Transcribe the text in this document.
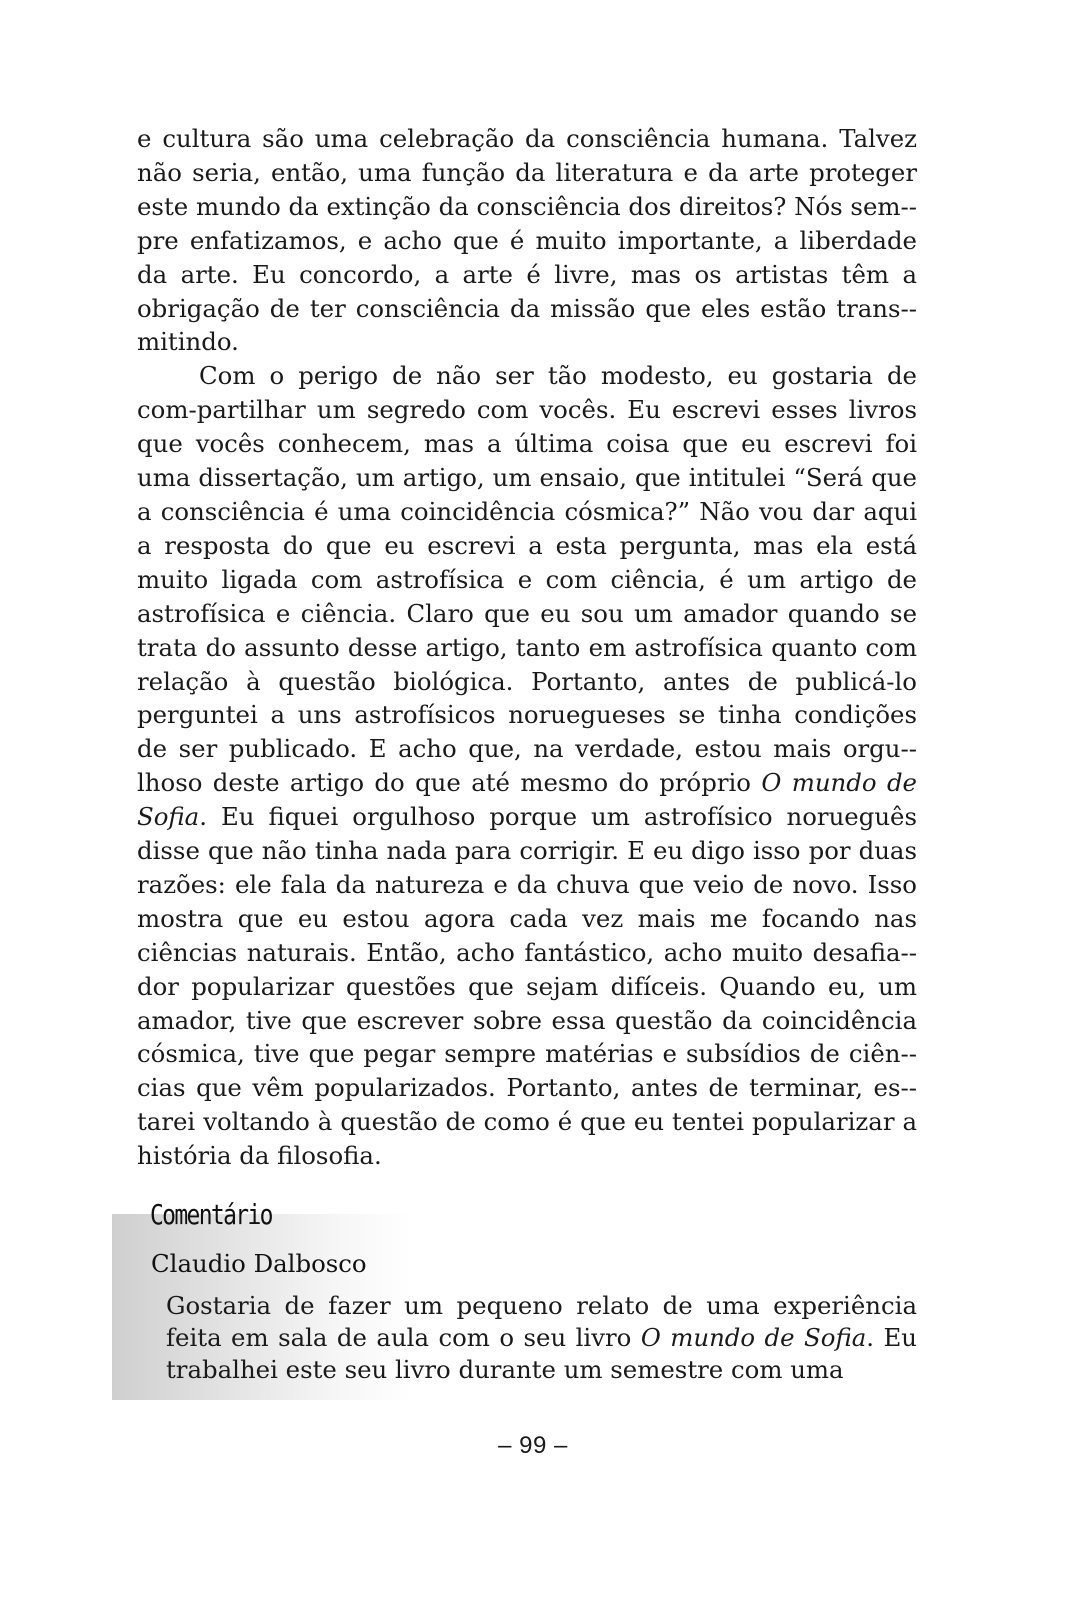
e cultura são uma celebração da consciência humana. Talvez não seria, então, uma função da literatura e da arte proteger este mundo da extinção da consciência dos direitos? Nós sem-pre enfatizamos, e acho que é muito importante, a liberdade da arte. Eu concordo, a arte é livre, mas os artistas têm a obrigação de ter consciência da missão que eles estão trans-mitindo.

Com o perigo de não ser tão modesto, eu gostaria de com-partilhar um segredo com vocês. Eu escrevi esses livros que vocês conhecem, mas a última coisa que eu escrevi foi uma dissertação, um artigo, um ensaio, que intitulei “Será que a consciência é uma coincidência cósmica?” Não vou dar aqui a resposta do que eu escrevi a esta pergunta, mas ela está muito ligada com astrofísica e com ciência, é um artigo de astrofísica e ciência. Claro que eu sou um amador quando se trata do assunto desse artigo, tanto em astrofísica quanto com relação à questão biológica. Portanto, antes de publicá-lo perguntei a uns astrofísicos noruegueses se tinha condições de ser publicado. E acho que, na verdade, estou mais orgu-lhoso deste artigo do que até mesmo do próprio O mundo de Sofia. Eu fiquei orgulhoso porque um astrofísico norueguês disse que não tinha nada para corrigir. E eu digo isso por duas razões: ele fala da natureza e da chuva que veio de novo. Isso mostra que eu estou agora cada vez mais me focando nas ciências naturais. Então, acho fantástico, acho muito desafia-dor popularizar questões que sejam difíceis. Quando eu, um amador, tive que escrever sobre essa questão da coincidência cósmica, tive que pegar sempre matérias e subsídios de ciên-cias que vêm popularizados. Portanto, antes de terminar, es-tarei voltando à questão de como é que eu tentei popularizar a história da filosofia.

Comentário
Claudio Dalbosco

Gostaria de fazer um pequeno relato de uma experiência feita em sala de aula com o seu livro O mundo de Sofia. Eu trabalhei este seu livro durante um semestre com uma

– 99 –
